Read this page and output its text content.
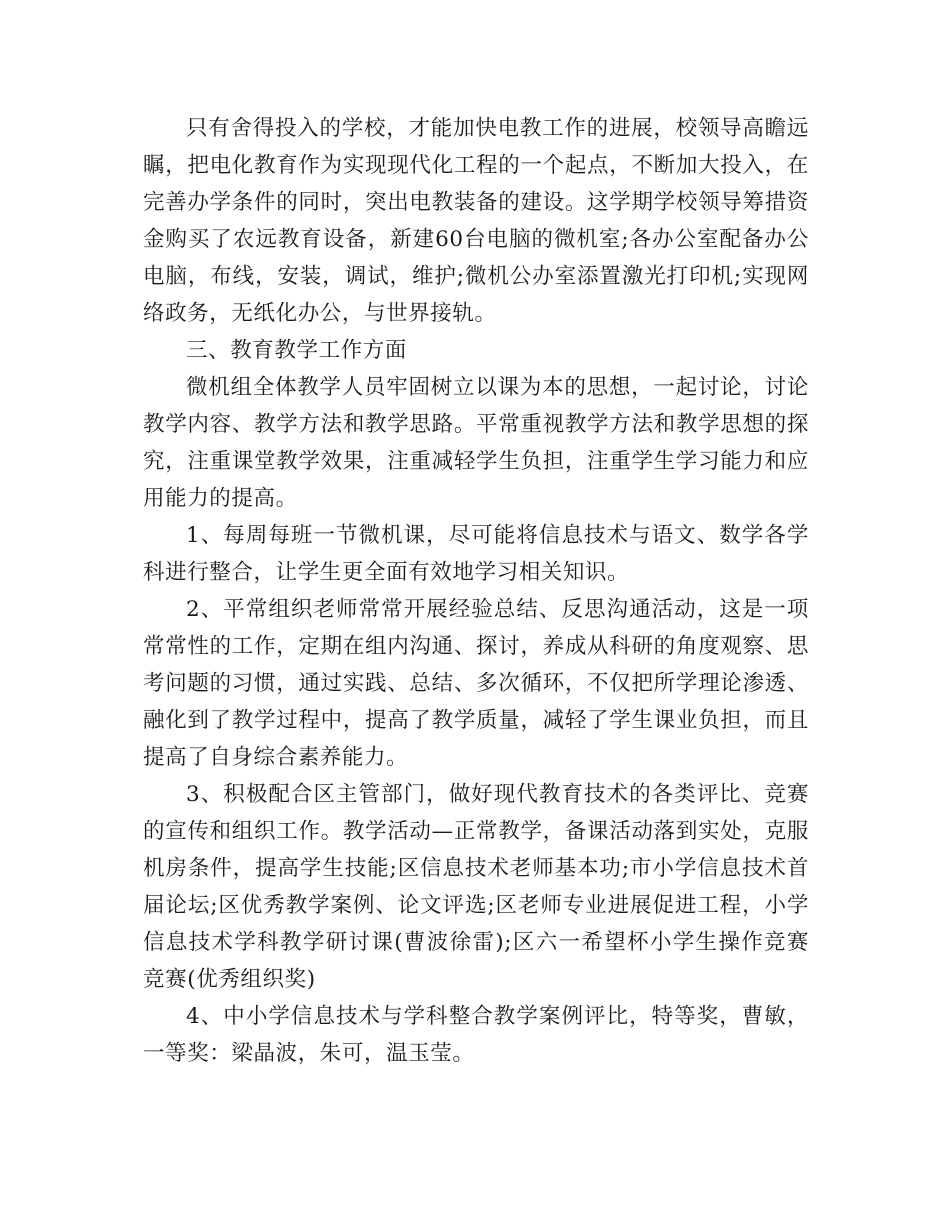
只有舍得投入的学校，才能加快电教工作的进展，校领导高瞻远瞩，把电化教育作为实现现代化工程的一个起点，不断加大投入，在完善办学条件的同时，突出电教装备的建设。这学期学校领导筹措资金购买了农远教育设备，新建60台电脑的微机室;各办公室配备办公电脑，布线，安装，调试，维护;微机公办室添置激光打印机;实现网络政务，无纸化办公，与世界接轨。

三、教育教学工作方面

微机组全体教学人员牢固树立以课为本的思想，一起讨论，讨论教学内容、教学方法和教学思路。平常重视教学方法和教学思想的探究，注重课堂教学效果，注重减轻学生负担，注重学生学习能力和应用能力的提高。

1、每周每班一节微机课，尽可能将信息技术与语文、数学各学科进行整合，让学生更全面有效地学习相关知识。

2、平常组织老师常常开展经验总结、反思沟通活动，这是一项常常性的工作，定期在组内沟通、探讨，养成从科研的角度观察、思考问题的习惯，通过实践、总结、多次循环，不仅把所学理论渗透、融化到了教学过程中，提高了教学质量，减轻了学生课业负担，而且提高了自身综合素养能力。

3、积极配合区主管部门，做好现代教育技术的各类评比、竞赛的宣传和组织工作。教学活动—正常教学，备课活动落到实处，克服机房条件，提高学生技能;区信息技术老师基本功;市小学信息技术首届论坛;区优秀教学案例、论文评选;区老师专业进展促进工程，小学信息技术学科教学研讨课(曹波徐雷);区六一希望杯小学生操作竞赛竞赛(优秀组织奖)

4、中小学信息技术与学科整合教学案例评比，特等奖，曹敏，一等奖：梁晶波，朱可，温玉莹。
